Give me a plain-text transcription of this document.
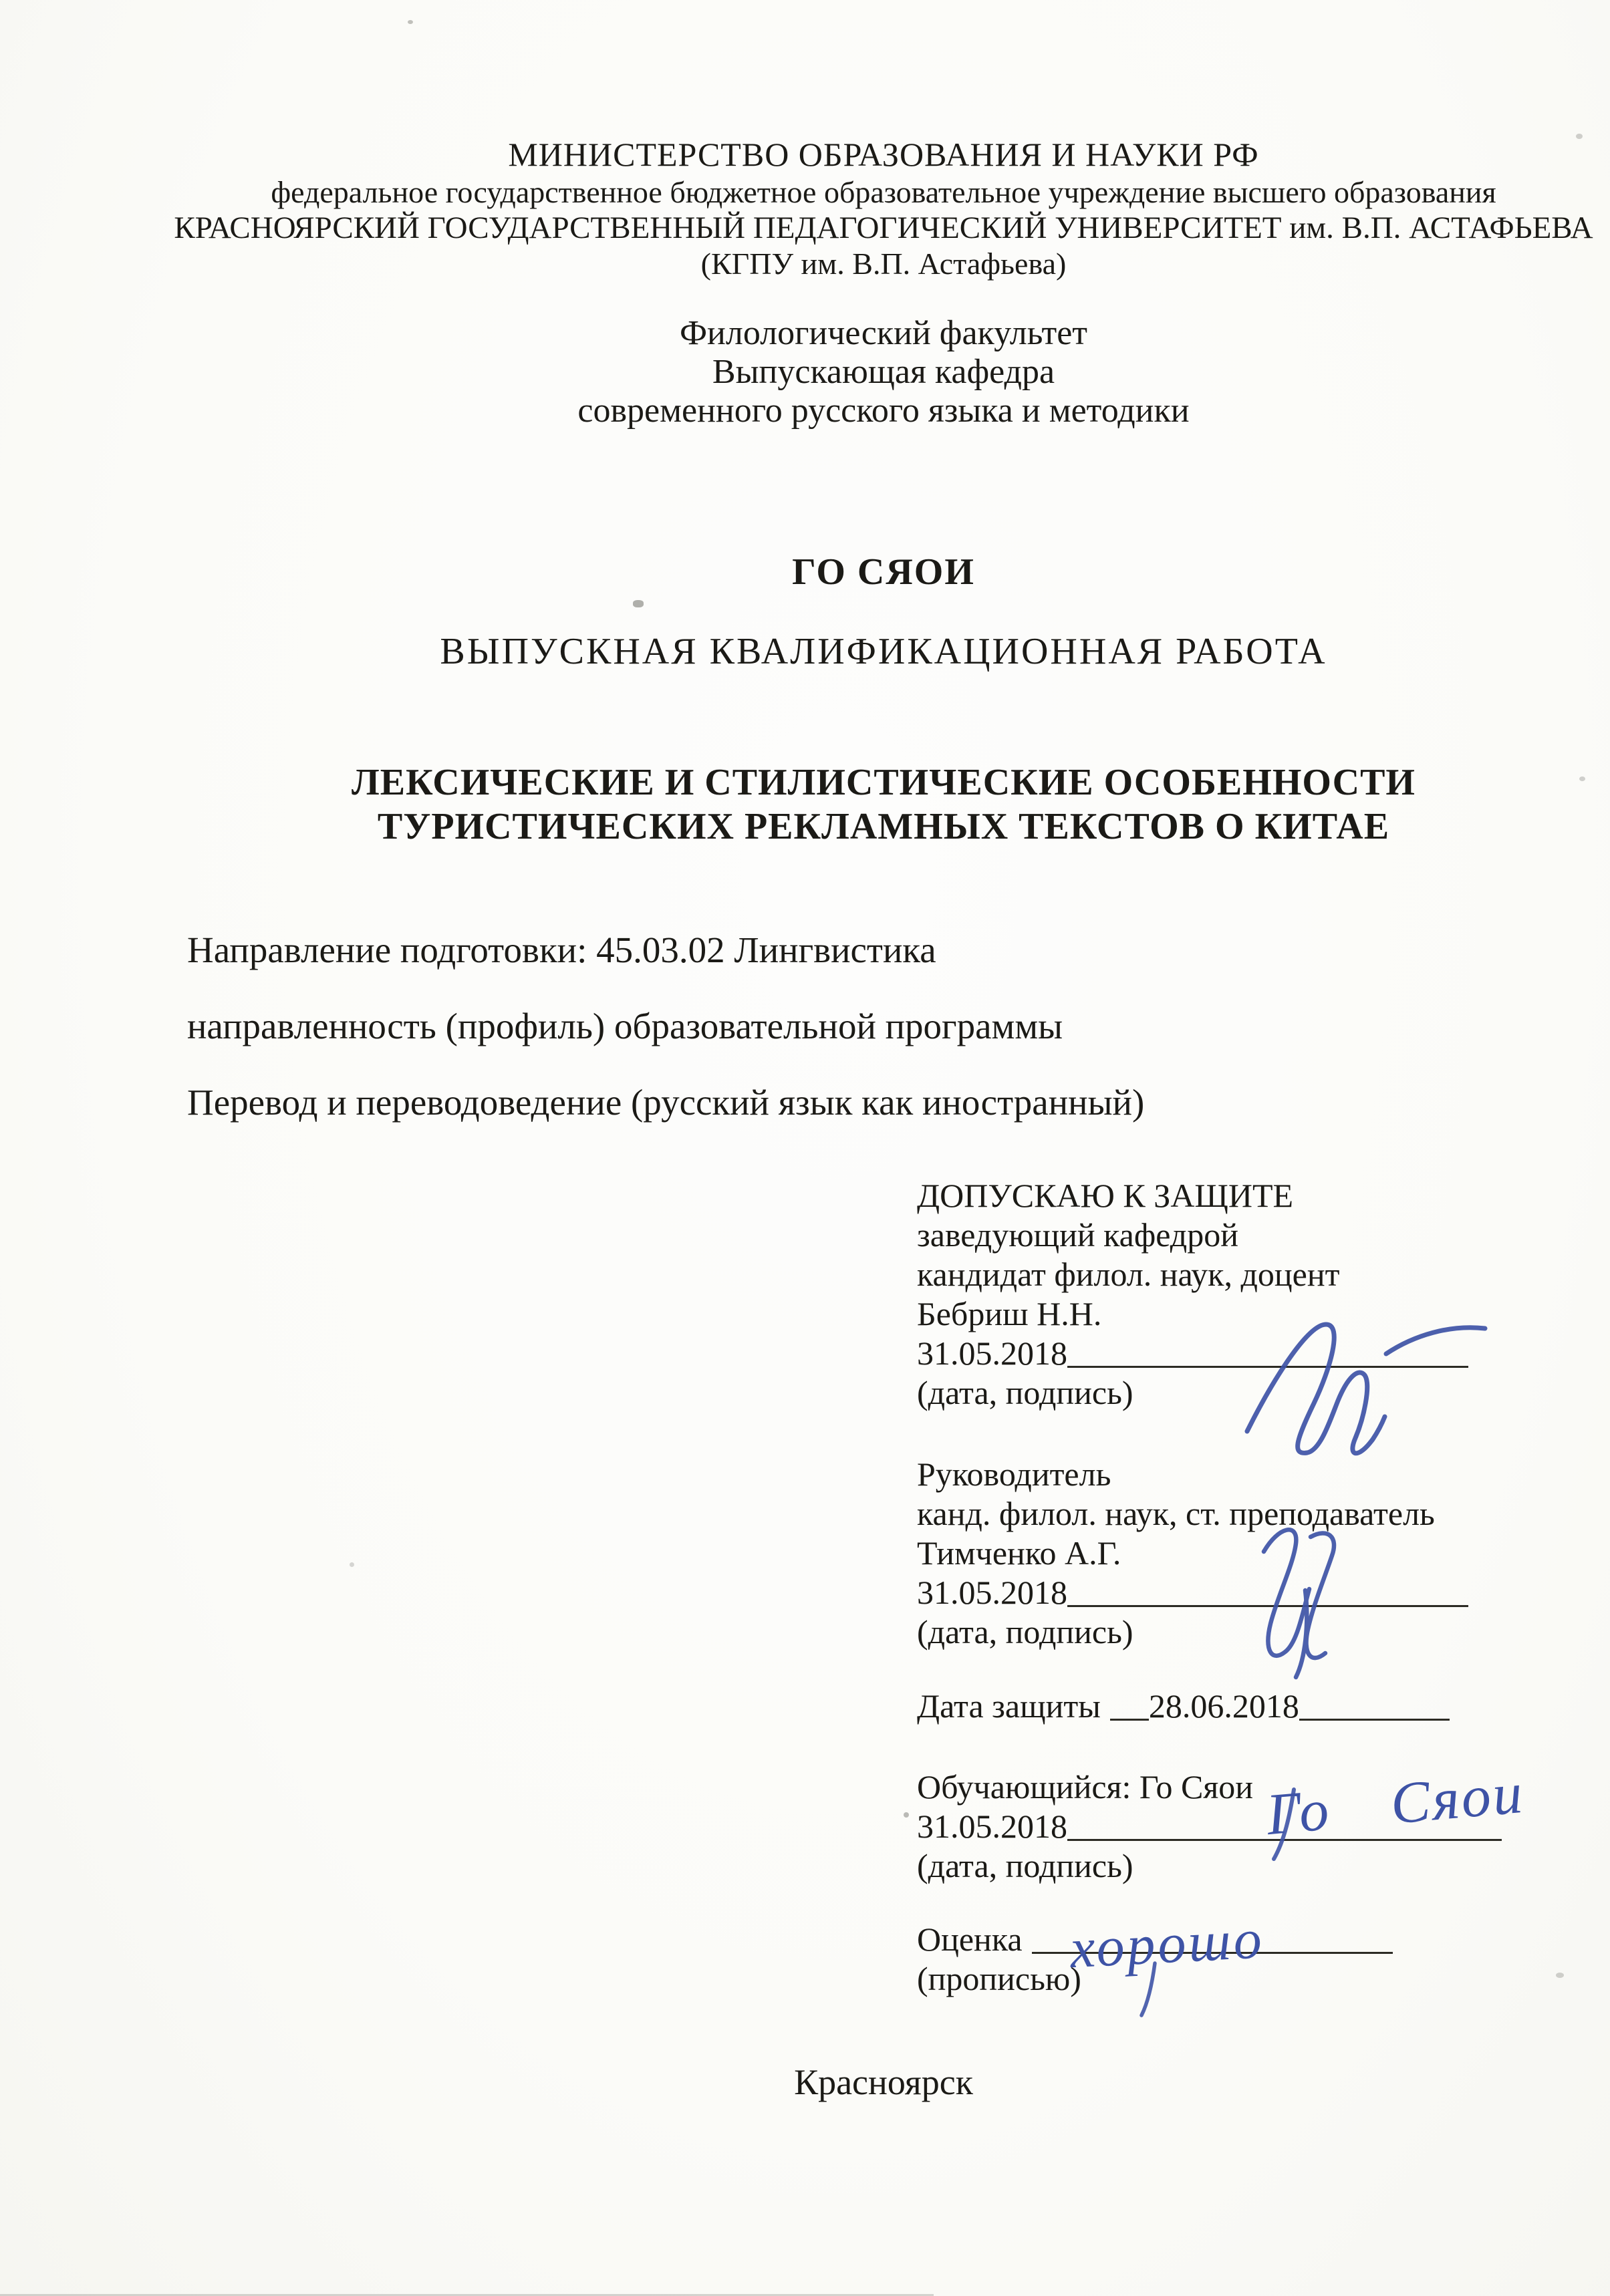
МИНИСТЕРСТВО ОБРАЗОВАНИЯ И НАУКИ РФ
федеральное государственное бюджетное образовательное учреждение высшего образования
КРАСНОЯРСКИЙ ГОСУДАРСТВЕННЫЙ ПЕДАГОГИЧЕСКИЙ УНИВЕРСИТЕТ им. В.П. АСТАФЬЕВА
(КГПУ им. В.П. Астафьева)
Филологический факультет
Выпускающая кафедра
современного русского языка и методики
ГО СЯОИ
ВЫПУСКНАЯ КВАЛИФИКАЦИОННАЯ РАБОТА
ЛЕКСИЧЕСКИЕ И СТИЛИСТИЧЕСКИЕ ОСОБЕННОСТИ
ТУРИСТИЧЕСКИХ РЕКЛАМНЫХ ТЕКСТОВ О КИТАЕ
Направление подготовки: 45.03.02 Лингвистика
направленность (профиль) образовательной программы
Перевод и переводоведение (русский язык как иностранный)
ДОПУСКАЮ К ЗАЩИТЕ
заведующий кафедрой
кандидат филол. наук, доцент
Бебриш Н.Н.
31.05.2018
(дата, подпись)
Руководитель
канд. филол. наук, ст. преподаватель
Тимченко А.Г.
31.05.2018
(дата, подпись)
Дата защиты 28.06.2018
Обучающийся: Го Сяои
31.05.2018
(дата, подпись)
Оценка
(прописью)
Красноярск
Го Сяои
хорошо
